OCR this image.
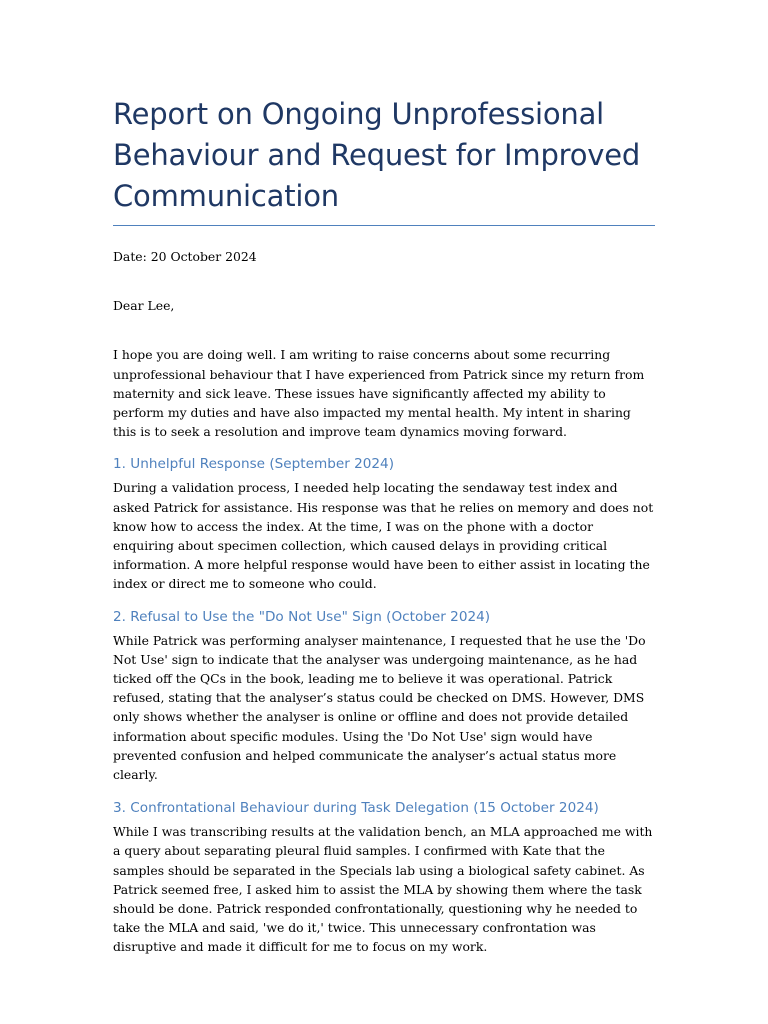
Report on Ongoing Unprofessional Behaviour and Request for Improved Communication

Date: 20 October 2024

Dear Lee,

I hope you are doing well. I am writing to raise concerns about some recurring unprofessional behaviour that I have experienced from Patrick since my return from maternity and sick leave. These issues have significantly affected my ability to perform my duties and have also impacted my mental health. My intent in sharing this is to seek a resolution and improve team dynamics moving forward.

1. Unhelpful Response (September 2024)

During a validation process, I needed help locating the sendaway test index and asked Patrick for assistance. His response was that he relies on memory and does not know how to access the index. At the time, I was on the phone with a doctor enquiring about specimen collection, which caused delays in providing critical information. A more helpful response would have been to either assist in locating the index or direct me to someone who could.

2. Refusal to Use the "Do Not Use" Sign (October 2024)

While Patrick was performing analyser maintenance, I requested that he use the 'Do Not Use' sign to indicate that the analyser was undergoing maintenance, as he had ticked off the QCs in the book, leading me to believe it was operational. Patrick refused, stating that the analyser’s status could be checked on DMS. However, DMS only shows whether the analyser is online or offline and does not provide detailed information about specific modules. Using the 'Do Not Use' sign would have prevented confusion and helped communicate the analyser’s actual status more clearly.

3. Confrontational Behaviour during Task Delegation (15 October 2024)

While I was transcribing results at the validation bench, an MLA approached me with a query about separating pleural fluid samples. I confirmed with Kate that the samples should be separated in the Specials lab using a biological safety cabinet. As Patrick seemed free, I asked him to assist the MLA by showing them where the task should be done. Patrick responded confrontationally, questioning why he needed to take the MLA and said, 'we do it,' twice. This unnecessary confrontation was disruptive and made it difficult for me to focus on my work.
